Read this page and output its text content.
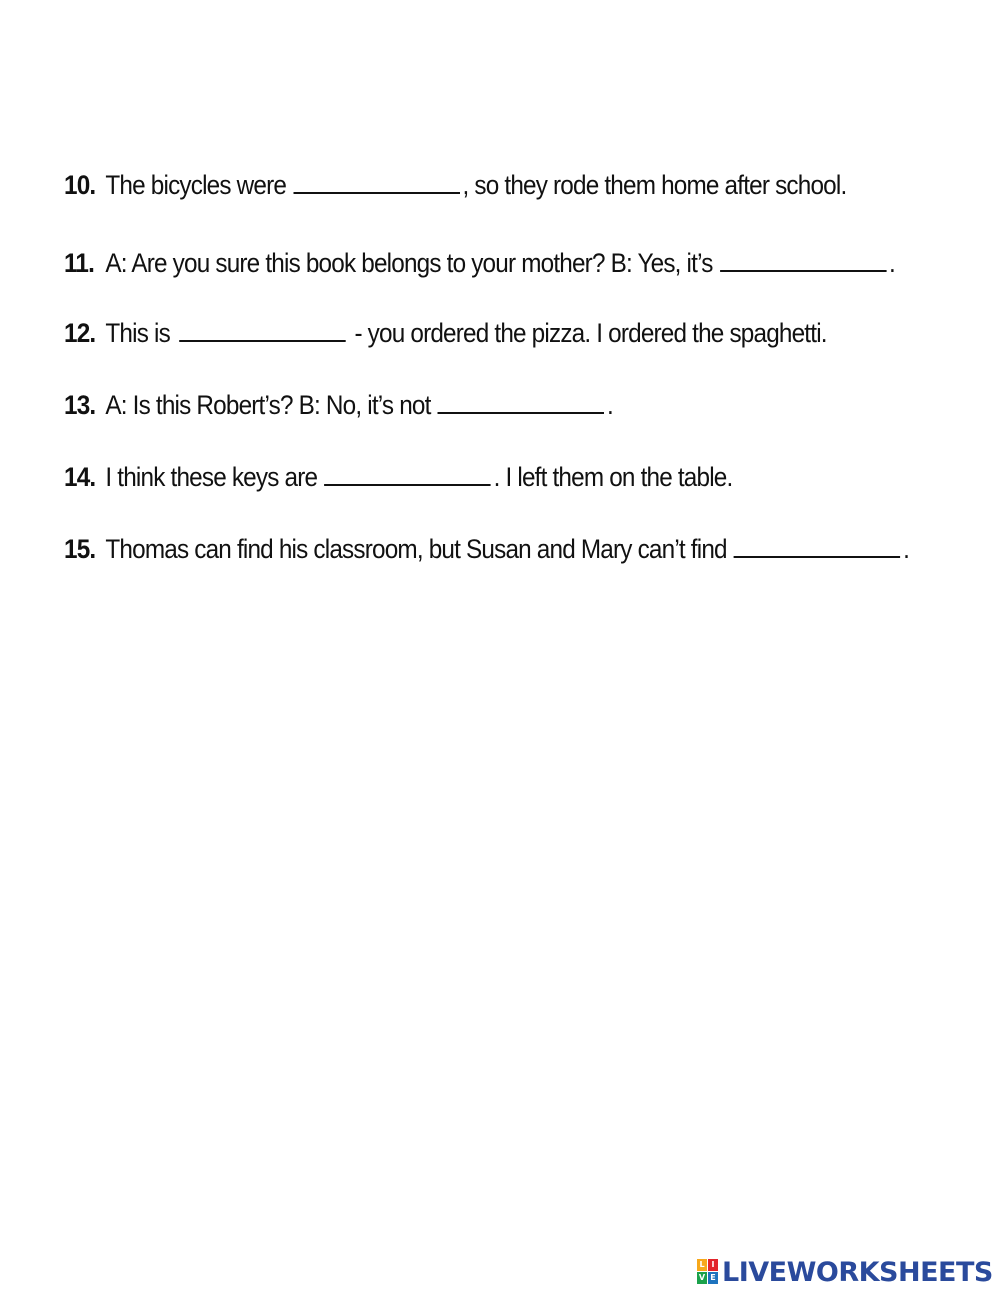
10. The bicycles were	, so they rode them home after school.
11. A: Are you sure this book belongs to your mother? B: Yes, it’s	.
12. This is	- you ordered the pizza. I ordered the spaghetti.
13. A: Is this Robert’s? B: No, it’s not	.
14. I think these keys are	. I left them on the table.
15. Thomas can find his classroom, but Susan and Mary can’t find	.
L I
V E LIVEWORKSHEETS
